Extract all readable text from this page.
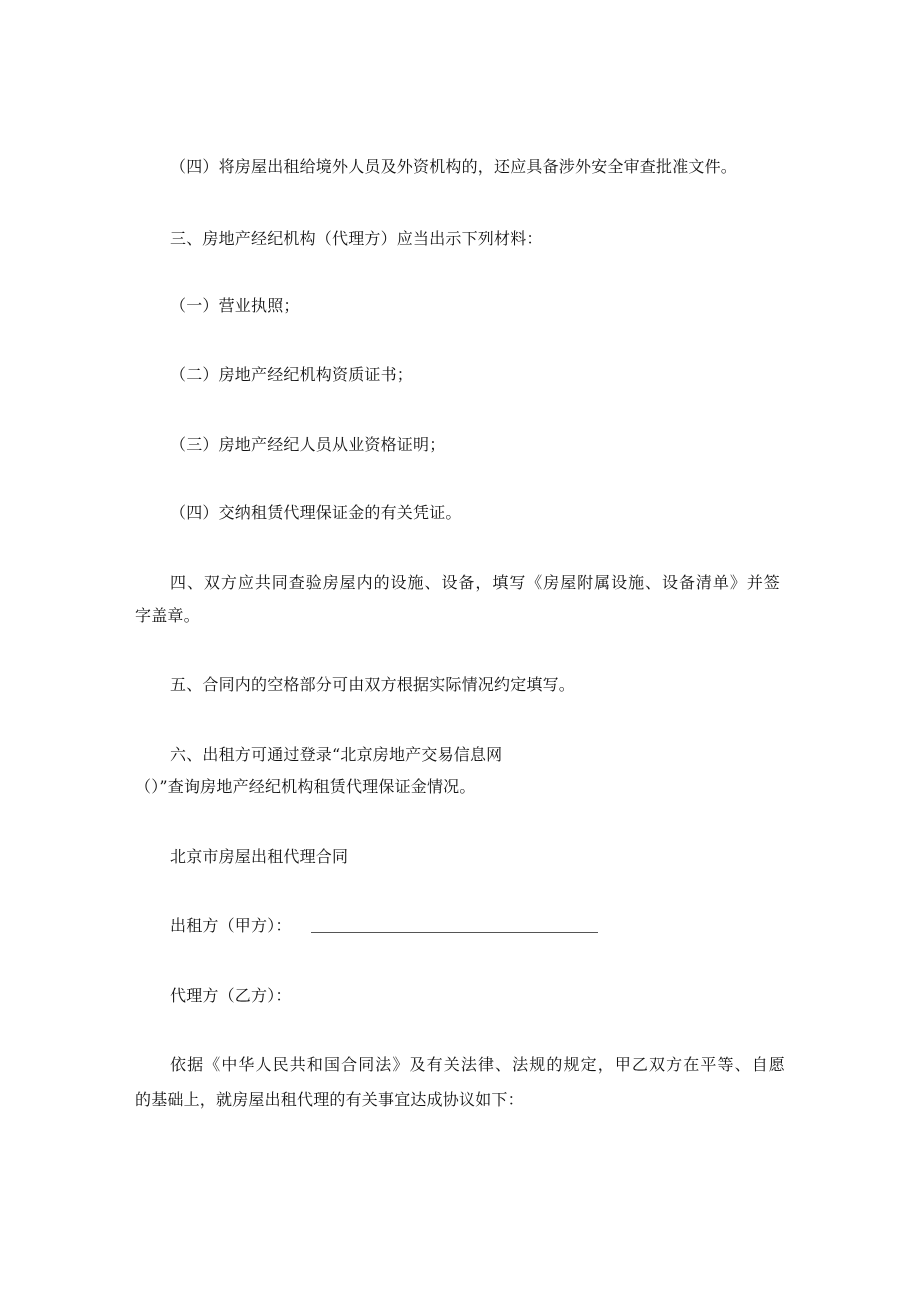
（四）将房屋出租给境外人员及外资机构的，还应具备涉外安全审查批准文件。
三、房地产经纪机构（代理方）应当出示下列材料：
（一）营业执照；
（二）房地产经纪机构资质证书；
（三）房地产经纪人员从业资格证明；
（四）交纳租赁代理保证金的有关凭证。
四、双方应共同查验房屋内的设施、设备，填写《房屋附属设施、设备清单》并签
字盖章。
五、合同内的空格部分可由双方根据实际情况约定填写。
六、出租方可通过登录“北京房地产交易信息网
（）”查询房地产经纪机构租赁代理保证金情况。
北京市房屋出租代理合同
出租方（甲方）：
代理方（乙方）：
依据《中华人民共和国合同法》及有关法律、法规的规定，甲乙双方在平等、自愿
的基础上，就房屋出租代理的有关事宜达成协议如下：
